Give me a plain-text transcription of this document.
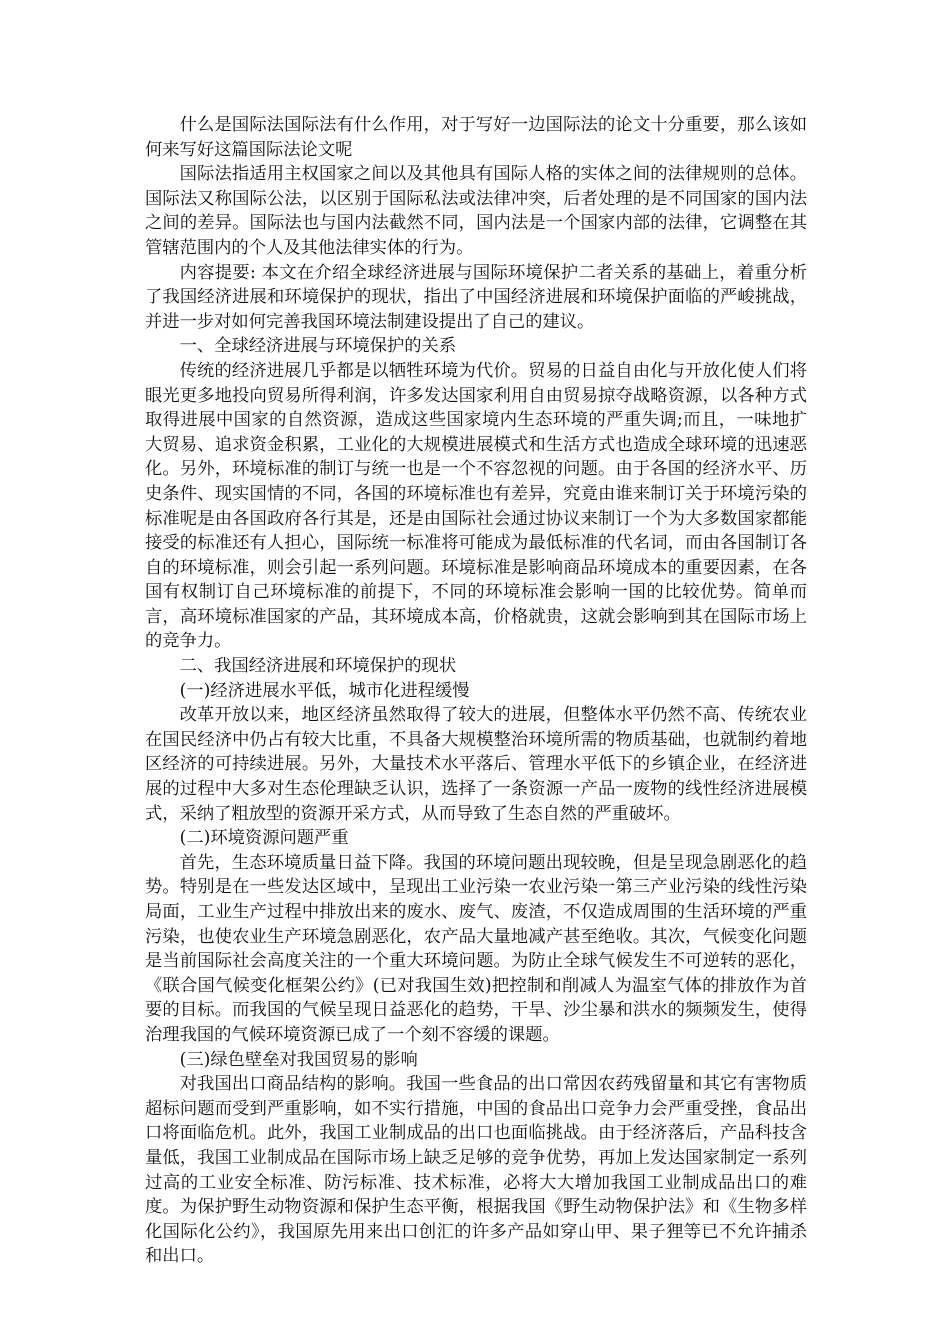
什么是国际法国际法有什么作用，对于写好一边国际法的论文十分重要，那么该如何来写好这篇国际法论文呢

国际法指适用主权国家之间以及其他具有国际人格的实体之间的法律规则的总体。国际法又称国际公法，以区别于国际私法或法律冲突，后者处理的是不同国家的国内法之间的差异。国际法也与国内法截然不同，国内法是一个国家内部的法律，它调整在其管辖范围内的个人及其他法律实体的行为。

内容提要: 本文在介绍全球经济进展与国际环境保护二者关系的基础上，着重分析了我国经济进展和环境保护的现状，指出了中国经济进展和环境保护面临的严峻挑战，并进一步对如何完善我国环境法制建设提出了自己的建议。

一、全球经济进展与环境保护的关系

传统的经济进展几乎都是以牺牲环境为代价。贸易的日益自由化与开放化使人们将眼光更多地投向贸易所得利润，许多发达国家利用自由贸易掠夺战略资源，以各种方式取得进展中国家的自然资源，造成这些国家境内生态环境的严重失调;而且，一味地扩大贸易、追求资金积累，工业化的大规模进展模式和生活方式也造成全球环境的迅速恶化。另外，环境标准的制订与统一也是一个不容忽视的问题。由于各国的经济水平、历史条件、现实国情的不同，各国的环境标准也有差异，究竟由谁来制订关于环境污染的标准呢是由各国政府各行其是，还是由国际社会通过协议来制订一个为大多数国家都能接受的标准还有人担心，国际统一标准将可能成为最低标准的代名词，而由各国制订各自的环境标准，则会引起一系列问题。环境标准是影响商品环境成本的重要因素，在各国有权制订自己环境标准的前提下，不同的环境标准会影响一国的比较优势。简单而言，高环境标准国家的产品，其环境成本高，价格就贵，这就会影响到其在国际市场上的竞争力。

二、我国经济进展和环境保护的现状

(一)经济进展水平低，城市化进程缓慢

改革开放以来，地区经济虽然取得了较大的进展，但整体水平仍然不高、传统农业在国民经济中仍占有较大比重，不具备大规模整治环境所需的物质基础，也就制约着地区经济的可持续进展。另外，大量技术水平落后、管理水平低下的乡镇企业，在经济进展的过程中大多对生态伦理缺乏认识，选择了一条资源一产品一废物的线性经济进展模式，采纳了粗放型的资源开采方式，从而导致了生态自然的严重破坏。

(二)环境资源问题严重

首先，生态环境质量日益下降。我国的环境问题出现较晚，但是呈现急剧恶化的趋势。特别是在一些发达区域中，呈现出工业污染一农业污染一第三产业污染的线性污染局面，工业生产过程中排放出来的废水、废气、废渣，不仅造成周围的生活环境的严重污染，也使农业生产环境急剧恶化，农产品大量地减产甚至绝收。其次，气候变化问题是当前国际社会高度关注的一个重大环境问题。为防止全球气候发生不可逆转的恶化，《联合国气候变化框架公约》(已对我国生效)把控制和削减人为温室气体的排放作为首要的目标。而我国的气候呈现日益恶化的趋势，干旱、沙尘暴和洪水的频频发生，使得治理我国的气候环境资源已成了一个刻不容缓的课题。

(三)绿色壁垒对我国贸易的影响

对我国出口商品结构的影响。我国一些食品的出口常因农药残留量和其它有害物质超标问题而受到严重影响，如不实行措施，中国的食品出口竞争力会严重受挫，食品出口将面临危机。此外，我国工业制成品的出口也面临挑战。由于经济落后，产品科技含量低，我国工业制成品在国际市场上缺乏足够的竞争优势，再加上发达国家制定一系列过高的工业安全标准、防污标准、技术标准，必将大大增加我国工业制成品出口的难度。为保护野生动物资源和保护生态平衡，根据我国《野生动物保护法》和《生物多样化国际化公约》，我国原先用来出口创汇的许多产品如穿山甲、果子狸等已不允许捕杀和出口。
